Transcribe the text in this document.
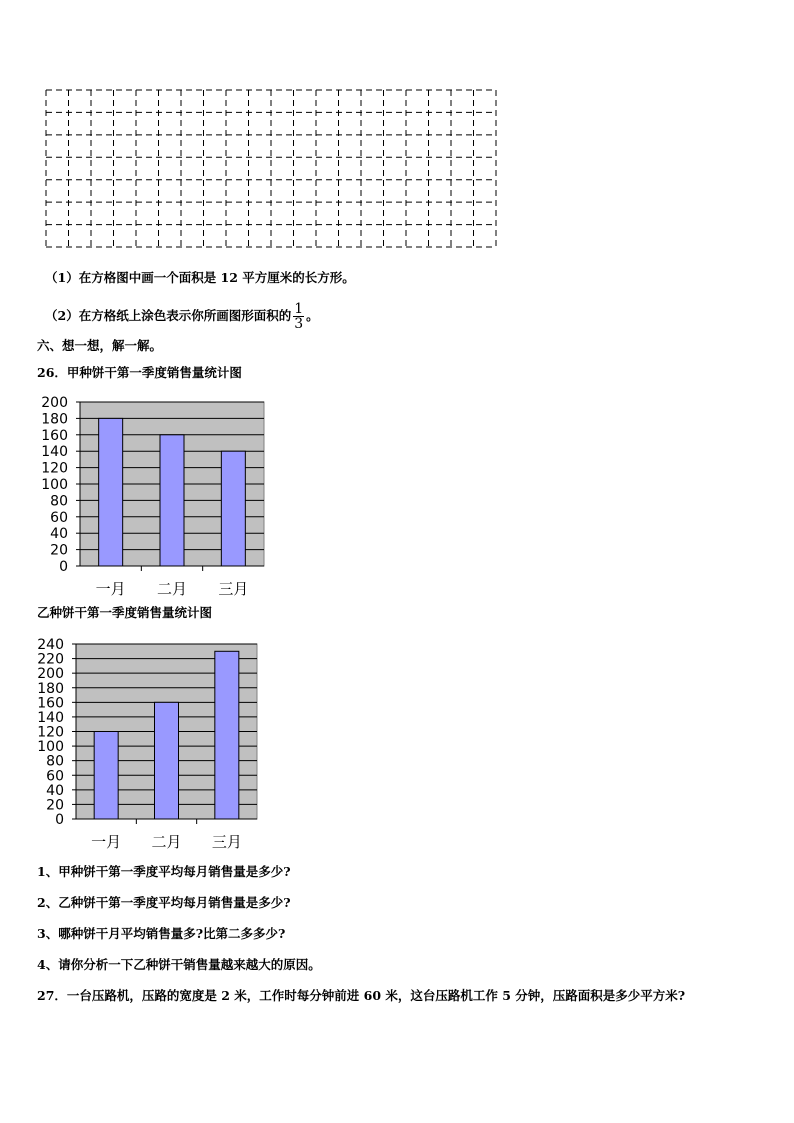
（1）在方格图中画一个面积是 12 平方厘米的长方形。
（2）在方格纸上涂色表示你所画图形面积的 $\frac{1}{3}$ 。
六、想一想，解一解。
26．甲种饼干第一季度销售量统计图
0
20
40
60
80
100
120
140
160
180
200
一月 二月 三月
乙种饼干第一季度销售量统计图
0
20
40
60
80
100
120
140
160
180
200
220
240
一月 二月 三月
1、甲种饼干第一季度平均每月销售量是多少?
2、乙种饼干第一季度平均每月销售量是多少?
3、哪种饼干月平均销售量多?比第二多多少?
4、请你分析一下乙种饼干销售量越来越大的原因。
27．一台压路机，压路的宽度是 2 米，工作时每分钟前进 60 米，这台压路机工作 5 分钟，压路面积是多少平方米?
